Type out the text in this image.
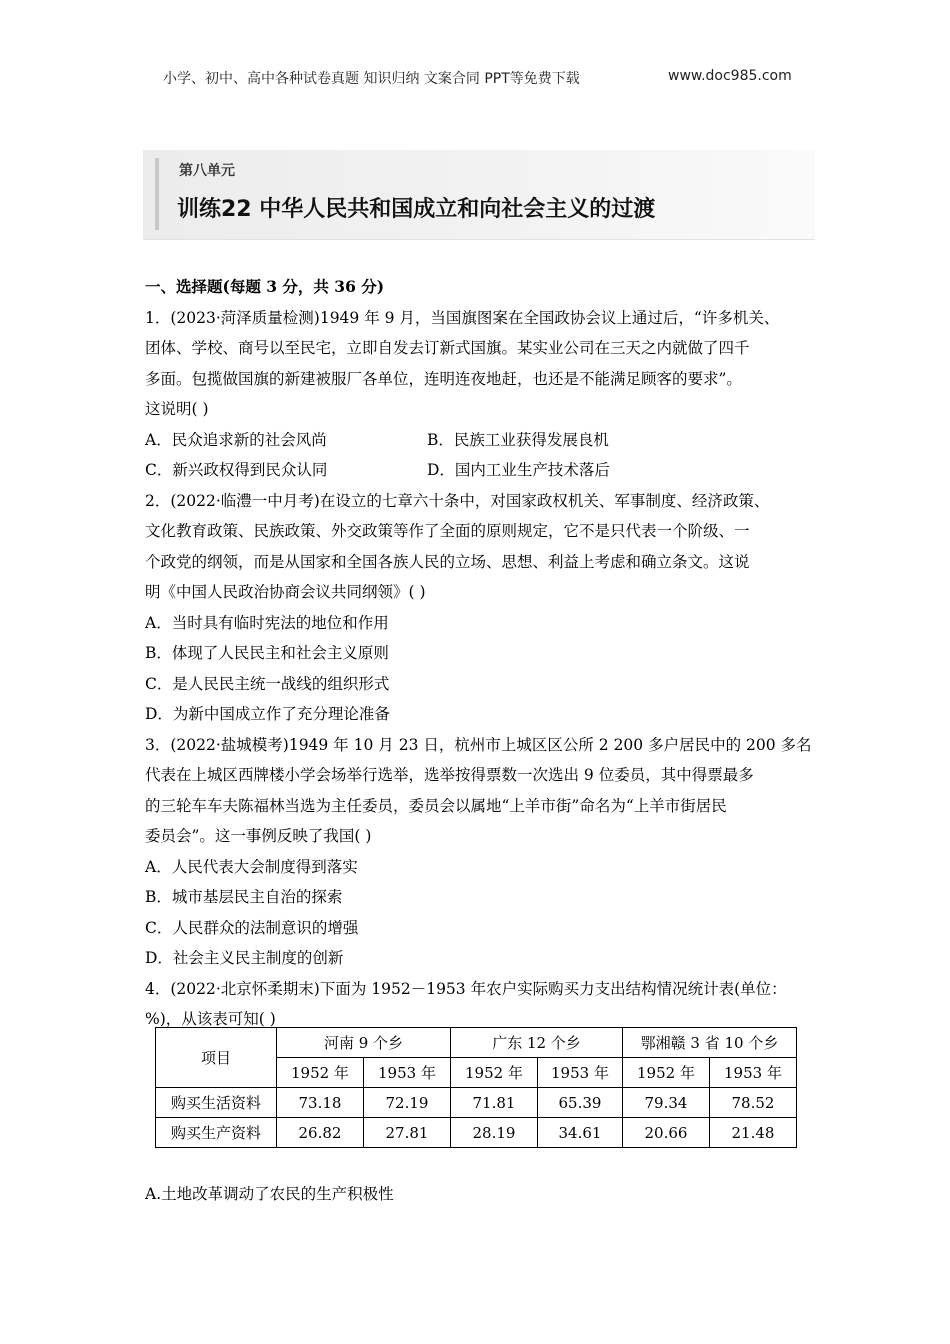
小学、初中、高中各种试卷真题 知识归纳 文案合同 PPT等免费下载	www.doc985.com
第八单元
训练22 中华人民共和国成立和向社会主义的过渡
一、选择题(每题 3 分，共 36 分)
1．(2023·菏泽质量检测)1949 年 9 月，当国旗图案在全国政协会议上通过后，“许多机关、
团体、学校、商号以至民宅，立即自发去订新式国旗。某实业公司在三天之内就做了四千
多面。包揽做国旗的新建被服厂各单位，连明连夜地赶，也还是不能满足顾客的要求”。
这说明( )
A．民众追求新的社会风尚	B．民族工业获得发展良机
C．新兴政权得到民众认同	D．国内工业生产技术落后
2．(2022·临澧一中月考)在设立的七章六十条中，对国家政权机关、军事制度、经济政策、
文化教育政策、民族政策、外交政策等作了全面的原则规定，它不是只代表一个阶级、一
个政党的纲领，而是从国家和全国各族人民的立场、思想、利益上考虑和确立条文。这说
明《中国人民政治协商会议共同纲领》( )
A．当时具有临时宪法的地位和作用
B．体现了人民民主和社会主义原则
C．是人民民主统一战线的组织形式
D．为新中国成立作了充分理论准备
3．(2022·盐城模考)1949 年 10 月 23 日，杭州市上城区区公所 2 200 多户居民中的 200 多名
代表在上城区西牌楼小学会场举行选举，选举按得票数一次选出 9 位委员，其中得票最多
的三轮车车夫陈福林当选为主任委员，委员会以属地“上羊市街”命名为“上羊市街居民
委员会”。这一事例反映了我国( )
A．人民代表大会制度得到落实
B．城市基层民主自治的探索
C．人民群众的法制意识的增强
D．社会主义民主制度的创新
4．(2022·北京怀柔期末)下面为 1952－1953 年农户实际购买力支出结构情况统计表(单位：
%)，从该表可知( )
项目	河南 9 个乡		广东 12 个乡		鄂湘赣 3 省 10 个乡	
	1952 年	1953 年	1952 年	1953 年	1952 年	1953 年
购买生活资料	73.18	72.19	71.81	65.39	79.34	78.52
购买生产资料	26.82	27.81	28.19	34.61	20.66	21.48
A.土地改革调动了农民的生产积极性
